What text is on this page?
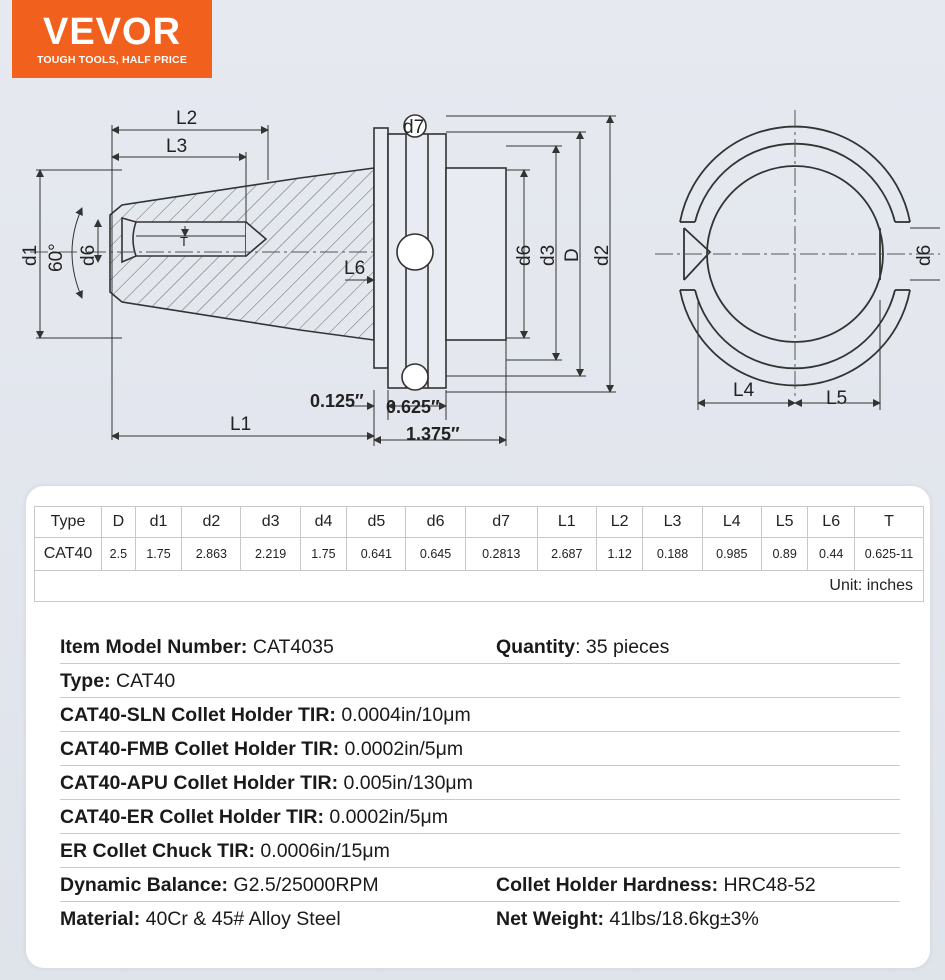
VEVOR
TOUGH TOOLS, HALF PRICE
L2
L3
d1 60° d6
T
L6
d7
d6 d3 D d2
0.125″ 0.625″
1.375″
L1
L4	L5
d6
Type	D	d1	d2	d3	d4	d5	d6	d7	L1	L2	L3	L4	L5	L6	T
CAT40	2.5	1.75	2.863	2.219	1.75	0.641	0.645	0.2813	2.687	1.12	0.188	0.985	0.89	0.44	0.625-11
Unit: inches															
Item Model Number: CAT4035	Quantity: 35 pieces
Type: CAT40
CAT40-SLN Collet Holder TIR: 0.0004in/10μm
CAT40-FMB Collet Holder TIR: 0.0002in/5μm
CAT40-APU Collet Holder TIR: 0.005in/130μm
CAT40-ER Collet Holder TIR: 0.0002in/5μm
ER Collet Chuck TIR: 0.0006in/15μm
Dynamic Balance: G2.5/25000RPM	Collet Holder Hardness: HRC48-52
Material: 40Cr & 45# Alloy Steel	Net Weight: 41lbs/18.6kg±3%
